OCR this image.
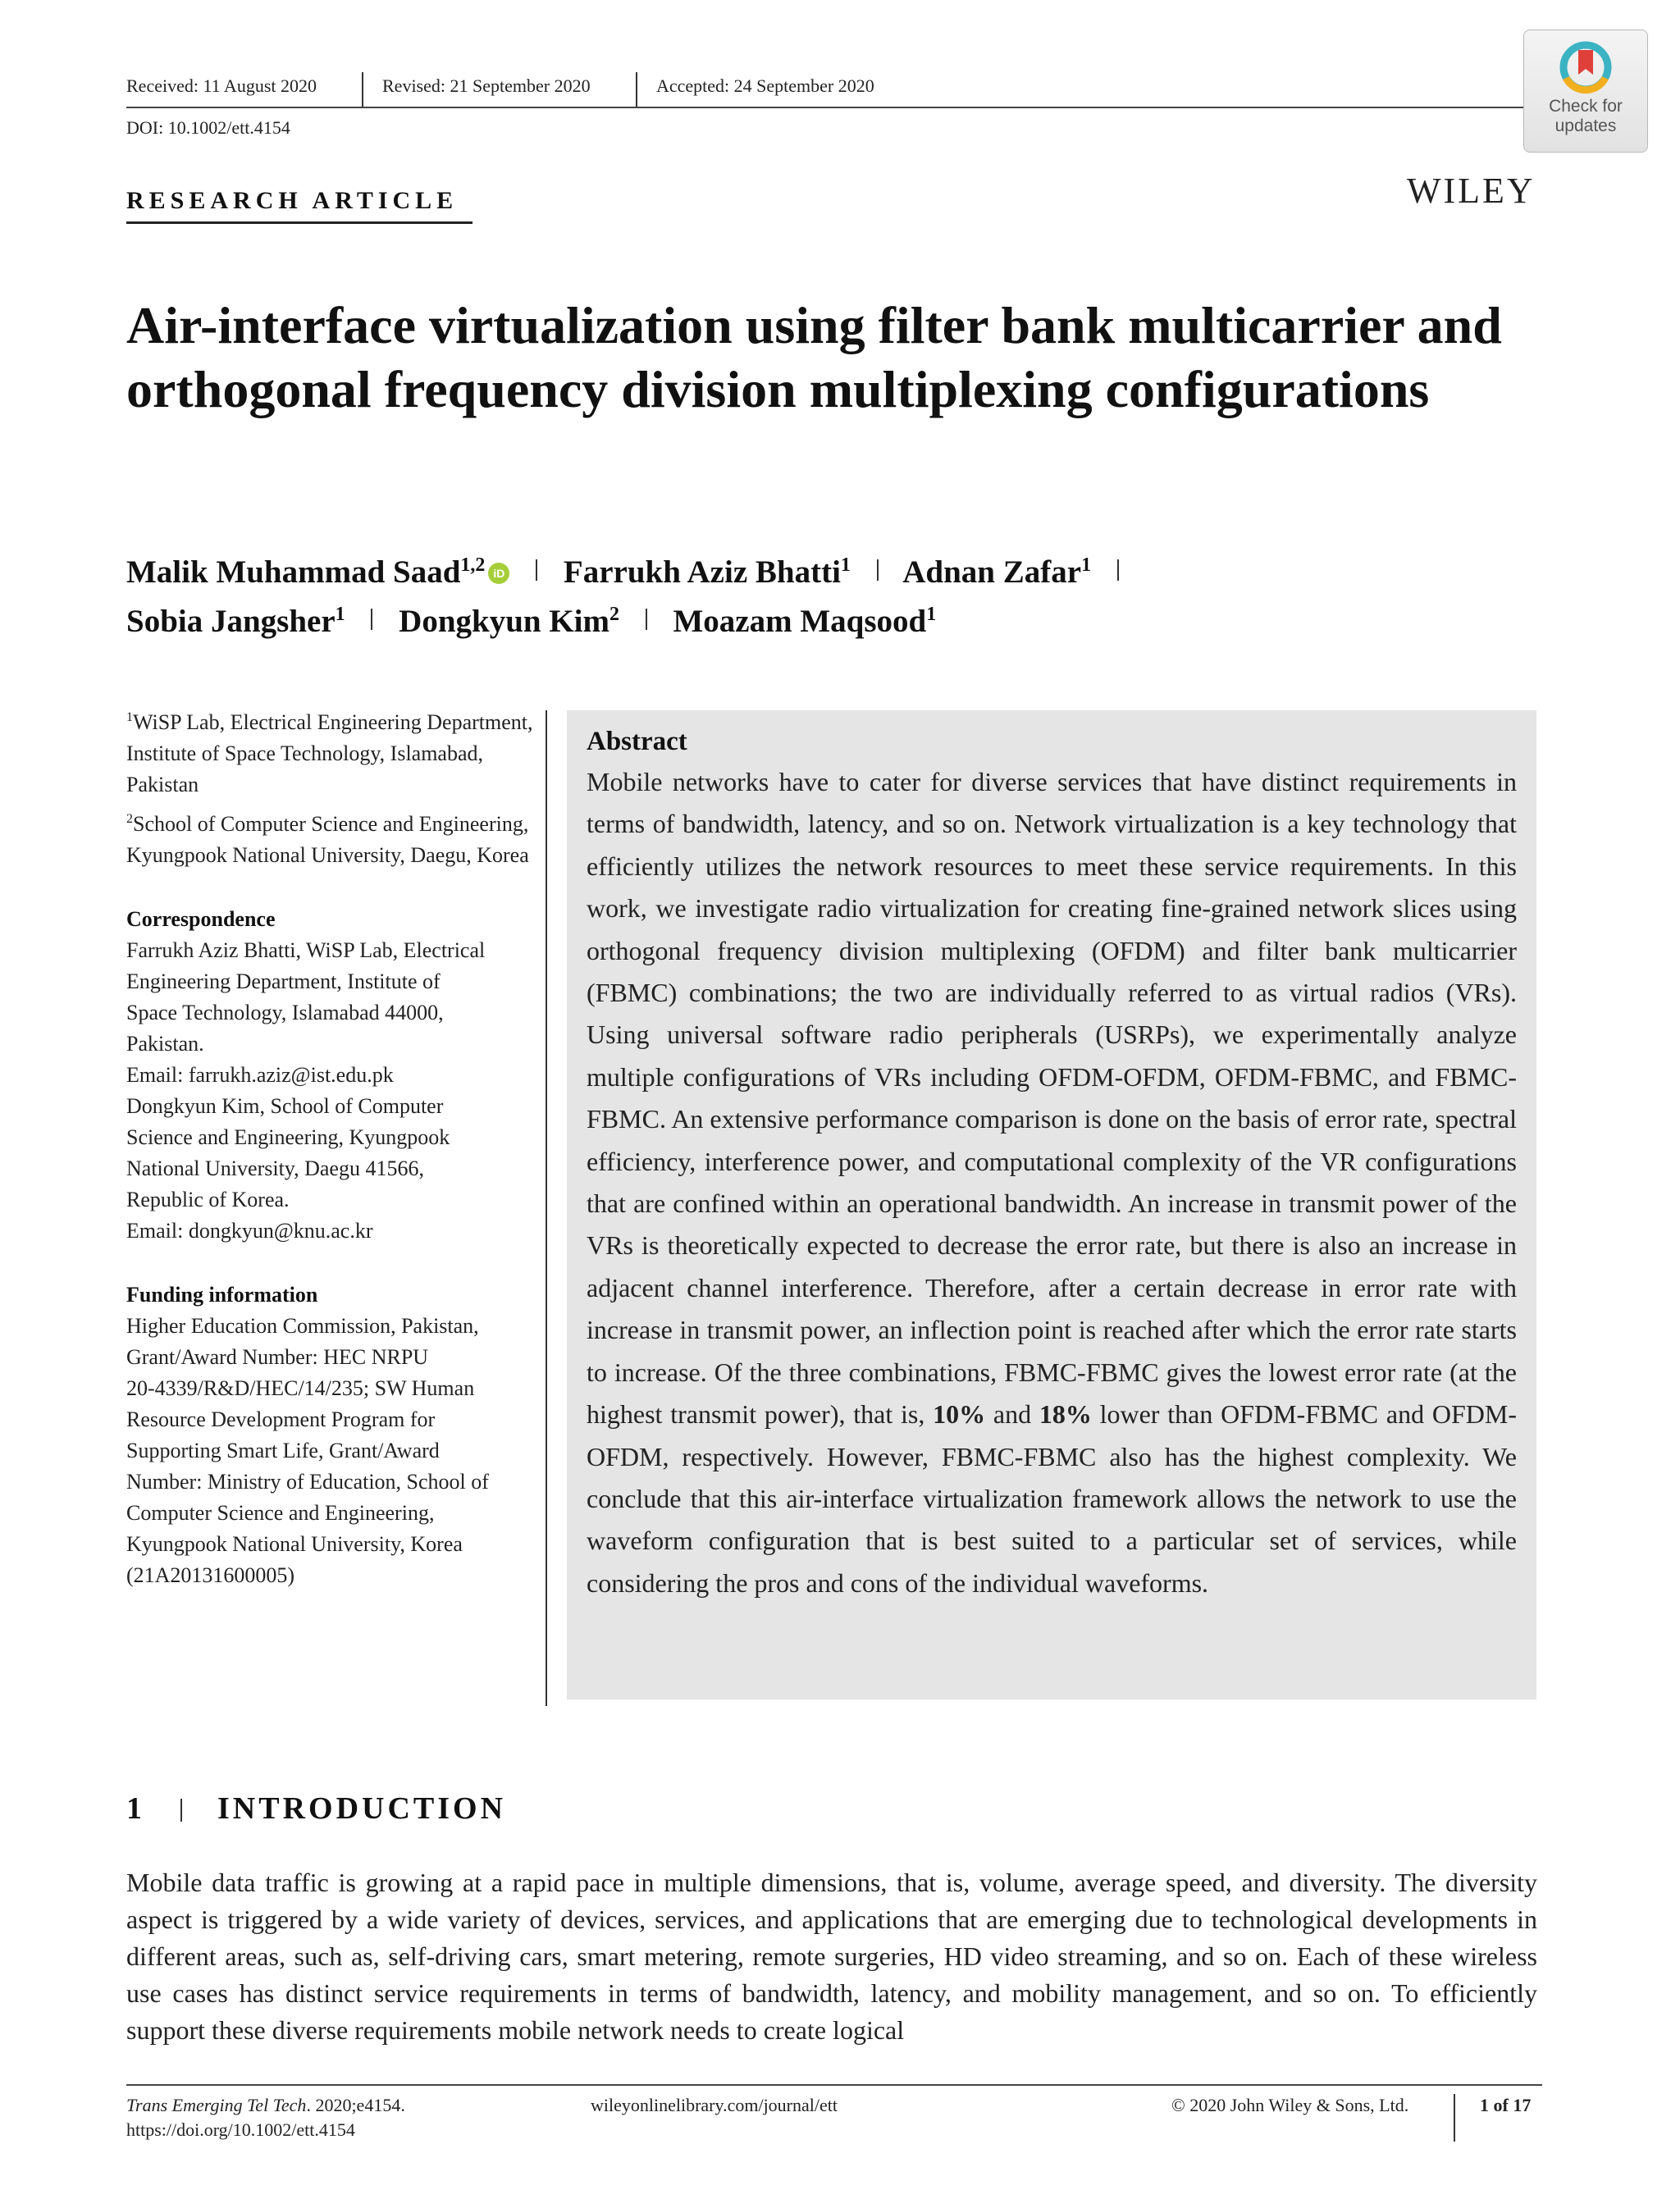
Received: 11 August 2020	Revised: 21 September 2020	Accepted: 24 September 2020
DOI: 10.1002/ett.4154
Check for
updates
WILEY
RESEARCH ARTICLE
Air-interface virtualization using filter bank multicarrier and orthogonal frequency division multiplexing configurations
Malik Muhammad Saad$^{1,2}$ iD Farrukh Aziz Bhatti$^1$ Adnan Zafar$^1$
Sobia Jangsher$^1$ Dongkyun Kim$^2$ Moazam Maqsood$^1$

$^1$WiSP Lab, Electrical Engineering Department, Institute of Space Technology, Islamabad, Pakistan

$^2$School of Computer Science and Engineering, Kyungpook National University, Daegu, Korea

Correspondence

Farrukh Aziz Bhatti, WiSP Lab, Electrical

Engineering Department, Institute of

Space Technology, Islamabad 44000,

Pakistan.

Email: farrukh.aziz@ist.edu.pk

Dongkyun Kim, School of Computer

Science and Engineering, Kyungpook

National University, Daegu 41566,

Republic of Korea.

Email: dongkyun@knu.ac.kr

Funding information

Higher Education Commission, Pakistan,

Grant/Award Number: HEC NRPU

20-4339/R&D/HEC/14/235; SW Human

Resource Development Program for

Supporting Smart Life, Grant/Award

Number: Ministry of Education, School of

Computer Science and Engineering,

Kyungpook National University, Korea

(21A20131600005)

Abstract

Mobile networks have to cater for diverse services that have distinct requirements in terms of bandwidth, latency, and so on. Network virtualization is a key technology that efficiently utilizes the network resources to meet these service requirements. In this work, we investigate radio virtualization for creating fine-grained network slices using orthogonal frequency division multiplexing (OFDM) and filter bank multicarrier (FBMC) combinations; the two are individually referred to as virtual radios (VRs). Using universal software radio peripherals (USRPs), we experimentally analyze multiple configurations of VRs including OFDM-OFDM, OFDM-FBMC, and FBMC-FBMC. An extensive performance comparison is done on the basis of error rate, spectral efficiency, interference power, and computational complexity of the VR configurations that are confined within an operational bandwidth. An increase in transmit power of the VRs is theoretically expected to decrease the error rate, but there is also an increase in adjacent channel interference. Therefore, after a certain decrease in error rate with increase in transmit power, an inflection point is reached after which the error rate starts to increase. Of the three combinations, FBMC-FBMC gives the lowest error rate (at the highest transmit power), that is, 10% and 18% lower than OFDM-FBMC and OFDM-OFDM, respectively. However, FBMC-FBMC also has the highest complexity. We conclude that this air-interface virtualization framework allows the network to use the waveform configuration that is best suited to a particular set of services, while considering the pros and cons of the individual waveforms.

1 INTRODUCTION

Mobile data traffic is growing at a rapid pace in multiple dimensions, that is, volume, average speed, and diversity. The diversity aspect is triggered by a wide variety of devices, services, and applications that are emerging due to technological developments in different areas, such as, self-driving cars, smart metering, remote surgeries, HD video streaming, and so on. Each of these wireless use cases has distinct service requirements in terms of bandwidth, latency, and mobility management, and so on. To efficiently support these diverse requirements mobile network needs to create logical

Trans Emerging Tel Tech. 2020;e4154.
https://doi.org/10.1002/ett.4154
wileyonlinelibrary.com/journal/ett	© 2020 John Wiley & Sons, Ltd.	1 of 17
